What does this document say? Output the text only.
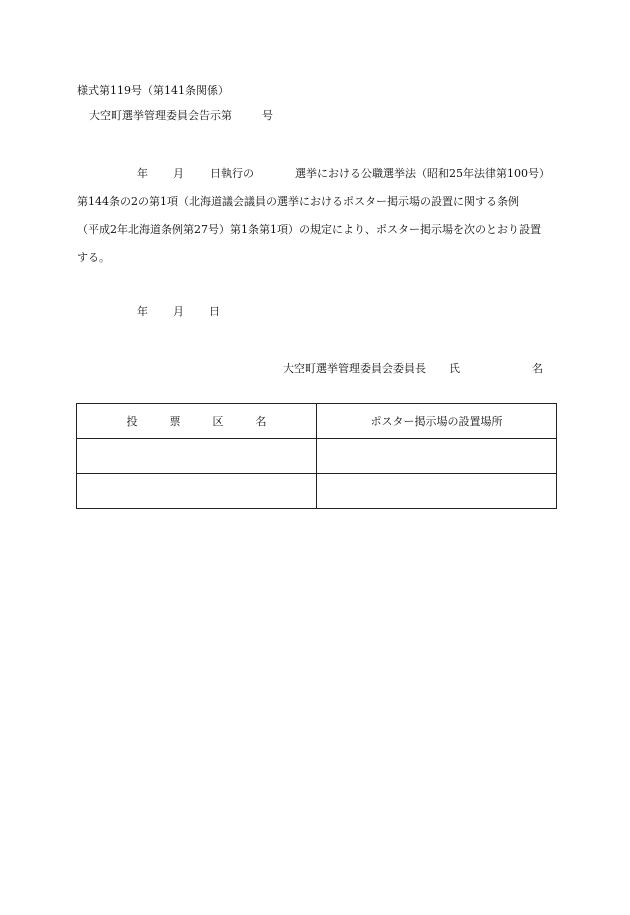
様式第119号（第141条関係）
大空町選挙管理委員会告示第	号
年 月 日執行の	選挙における公職選挙法（昭和25年法律第100号）
第144条の2の第1項（北海道議会議員の選挙におけるポスター掲示場の設置に関する条例
（平成2年北海道条例第27号）第1条第1項）の規定により、ポスター掲示場を次のとおり設置
する。
年 月 日
大空町選挙管理委員会委員長 氏	名
投 票 区 名	ポスター掲示場の設置場所
